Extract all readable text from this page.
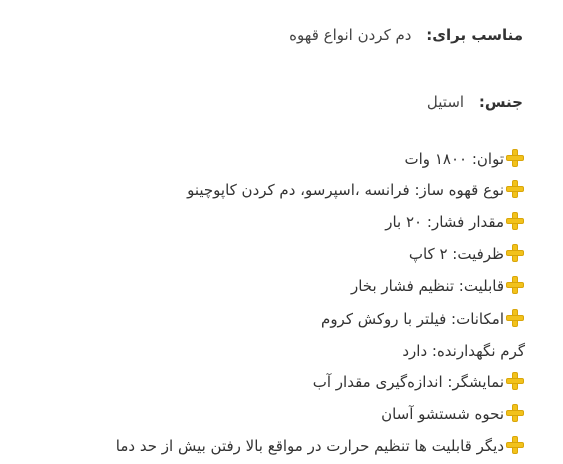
مناسب برای: دم کردن انواع قهوه
جنس: استیل
توان: ۱۸۰۰ وات
نوع قهوه ساز: فرانسه ،اسپرسو، دم کردن کاپوچینو
مقدار فشار: ۲۰ بار
ظرفیت: ۲ کاپ
قابلیت: تنظیم فشار بخار
امکانات: فیلتر با روکش کروم
گرم نگهدارنده: دارد
نمایشگر: اندازه‌گیری مقدار آب
نحوه شستشو آسان
دیگر قابلیت ها تنظیم حرارت در مواقع بالا رفتن بیش از حد دما
